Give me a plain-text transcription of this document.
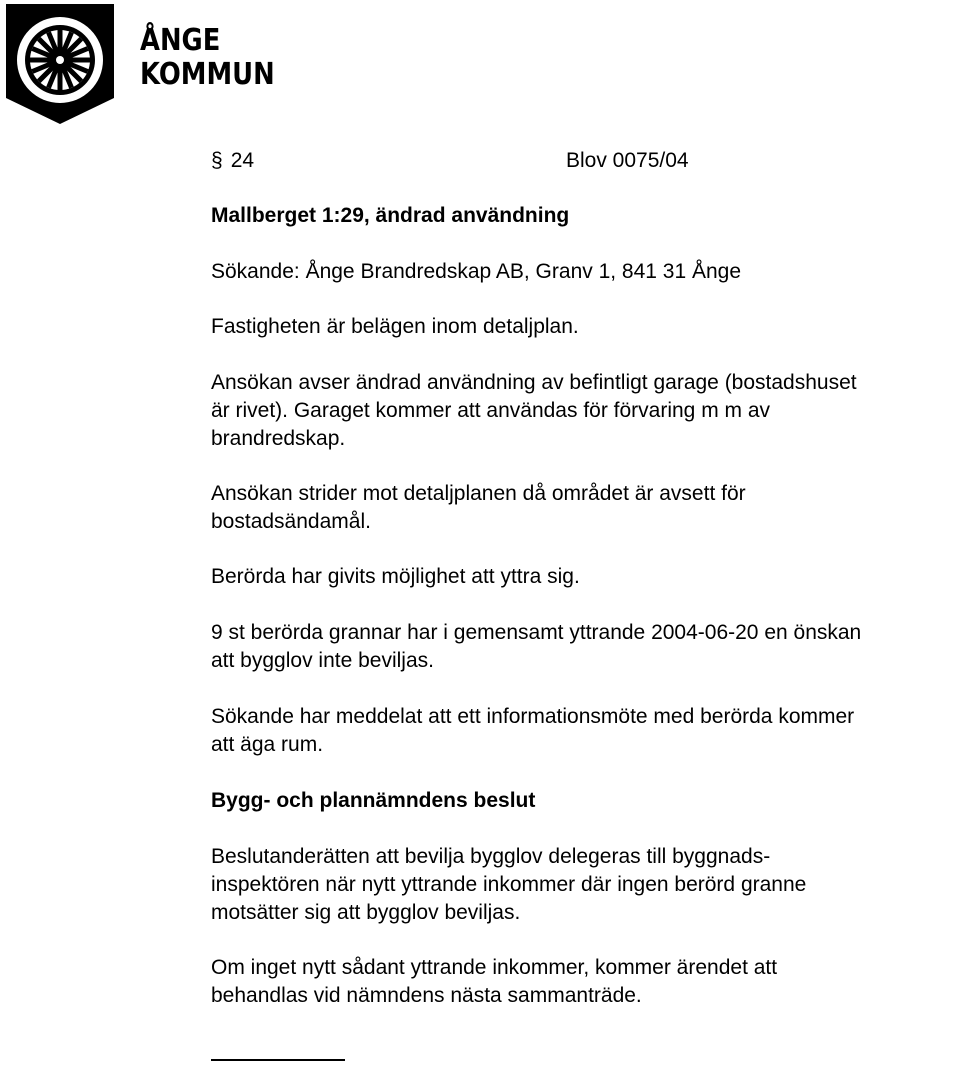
ÅNGE
KOMMUN
§ 24	Blov 0075/04
Mallberget 1:29, ändrad användning
Sökande: Ånge Brandredskap AB, Granv 1, 841 31 Ånge
Fastigheten är belägen inom detaljplan.
Ansökan avser ändrad användning av befintligt garage (bostadshuset
är rivet). Garaget kommer att användas för förvaring m m av
brandredskap.
Ansökan strider mot detaljplanen då området är avsett för
bostadsändamål.
Berörda har givits möjlighet att yttra sig.
9 st berörda grannar har i gemensamt yttrande 2004-06-20 en önskan
att bygglov inte beviljas.
Sökande har meddelat att ett informationsmöte med berörda kommer
att äga rum.
Bygg- och plannämndens beslut
Beslutanderätten att bevilja bygglov delegeras till byggnads-
inspektören när nytt yttrande inkommer där ingen berörd granne
motsätter sig att bygglov beviljas.
Om inget nytt sådant yttrande inkommer, kommer ärendet att
behandlas vid nämndens nästa sammanträde.
